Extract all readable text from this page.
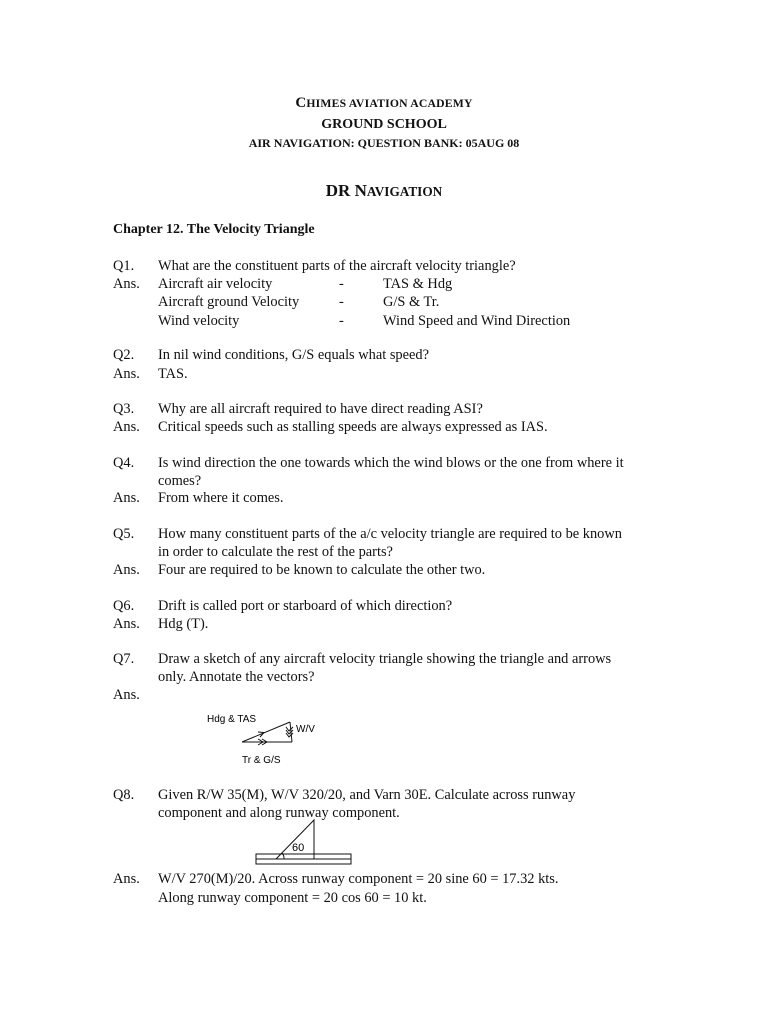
CHIMES AVIATION ACADEMY
GROUND SCHOOL
AIR NAVIGATION: QUESTION BANK: 05AUG 08
DR NAVIGATION
Chapter 12. The Velocity Triangle
Q1. What are the constituent parts of the aircraft velocity triangle?
Ans. Aircraft air velocity	-	TAS & Hdg
Aircraft ground Velocity	-	G/S & Tr.
Wind velocity	-	Wind Speed and Wind Direction
Q2. In nil wind conditions, G/S equals what speed?
Ans. TAS.
Q3. Why are all aircraft required to have direct reading ASI?
Ans. Critical speeds such as stalling speeds are always expressed as IAS.
Q4. Is wind direction the one towards which the wind blows or the one from where it
comes?
Ans. From where it comes.
Q5. How many constituent parts of the a/c velocity triangle are required to be known
in order to calculate the rest of the parts?
Ans. Four are required to be known to calculate the other two.
Q6. Drift is called port or starboard of which direction?
Ans. Hdg (T).
Q7. Draw a sketch of any aircraft velocity triangle showing the triangle and arrows
only. Annotate the vectors?
Ans.
Hdg & TAS
W/V
Tr & G/S
Q8. Given R/W 35(M), W/V 320/20, and Varn 30E. Calculate across runway
component and along runway component.
60
Ans. W/V 270(M)/20. Across runway component = 20 sine 60 = 17.32 kts.
Along runway component = 20 cos 60 = 10 kt.
